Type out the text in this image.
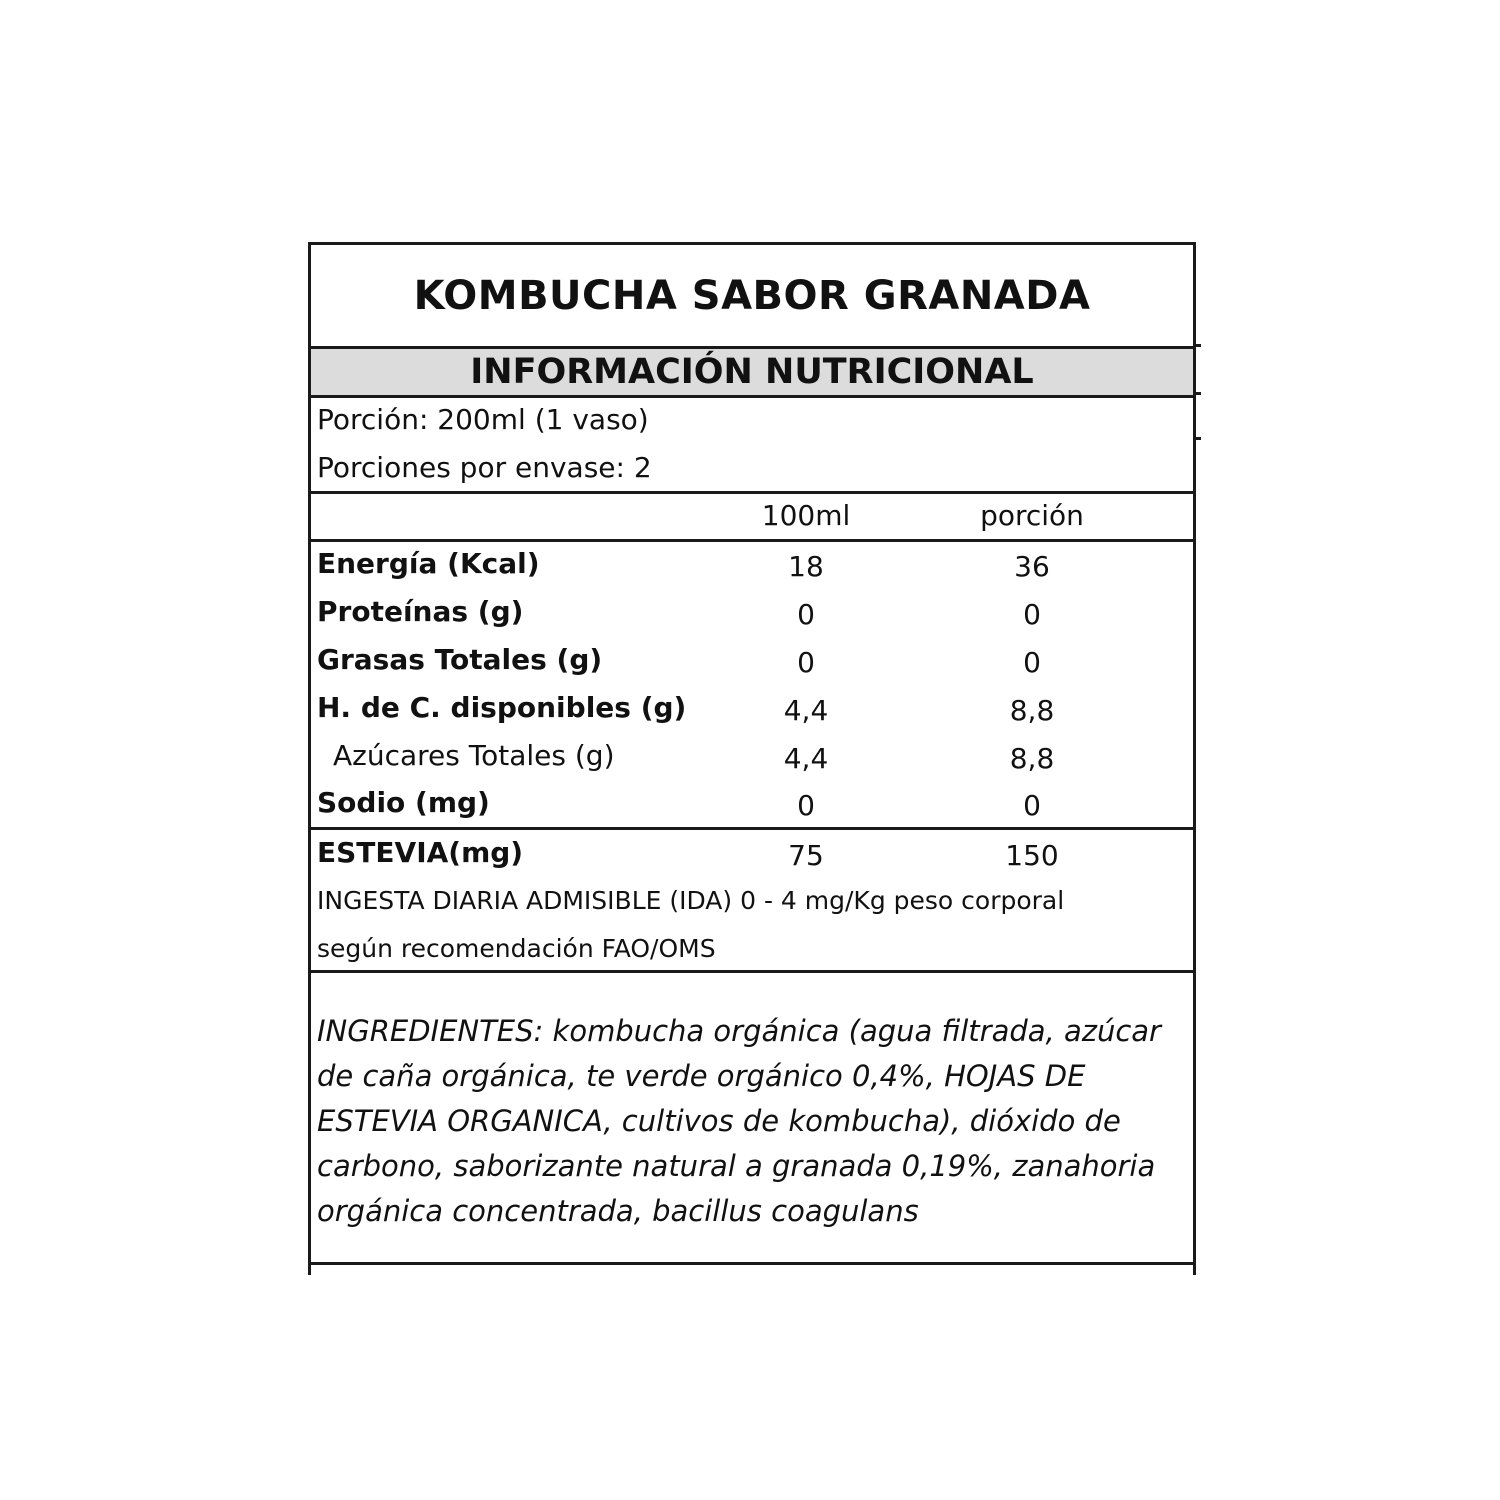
KOMBUCHA SABOR GRANADA
INFORMACIÓN NUTRICIONAL
Porción: 200ml (1 vaso)
Porciones por envase: 2
100ml	porción
Energía (Kcal)	18	36
Proteínas (g)	0	0
Grasas Totales (g)	0	0
H. de C. disponibles (g)	4,4	8,8
Azúcares Totales (g)	4,4	8,8
Sodio (mg)	0	0
ESTEVIA(mg)	75	150
INGESTA DIARIA ADMISIBLE (IDA) 0 - 4 mg/Kg peso corporal
según recomendación FAO/OMS
INGREDIENTES: kombucha orgánica (agua filtrada, azúcar de caña orgánica, te verde orgánico 0,4%, HOJAS DE ESTEVIA ORGANICA, cultivos de kombucha), dióxido de carbono, saborizante natural a granada 0,19%, zanahoria orgánica concentrada, bacillus coagulans
